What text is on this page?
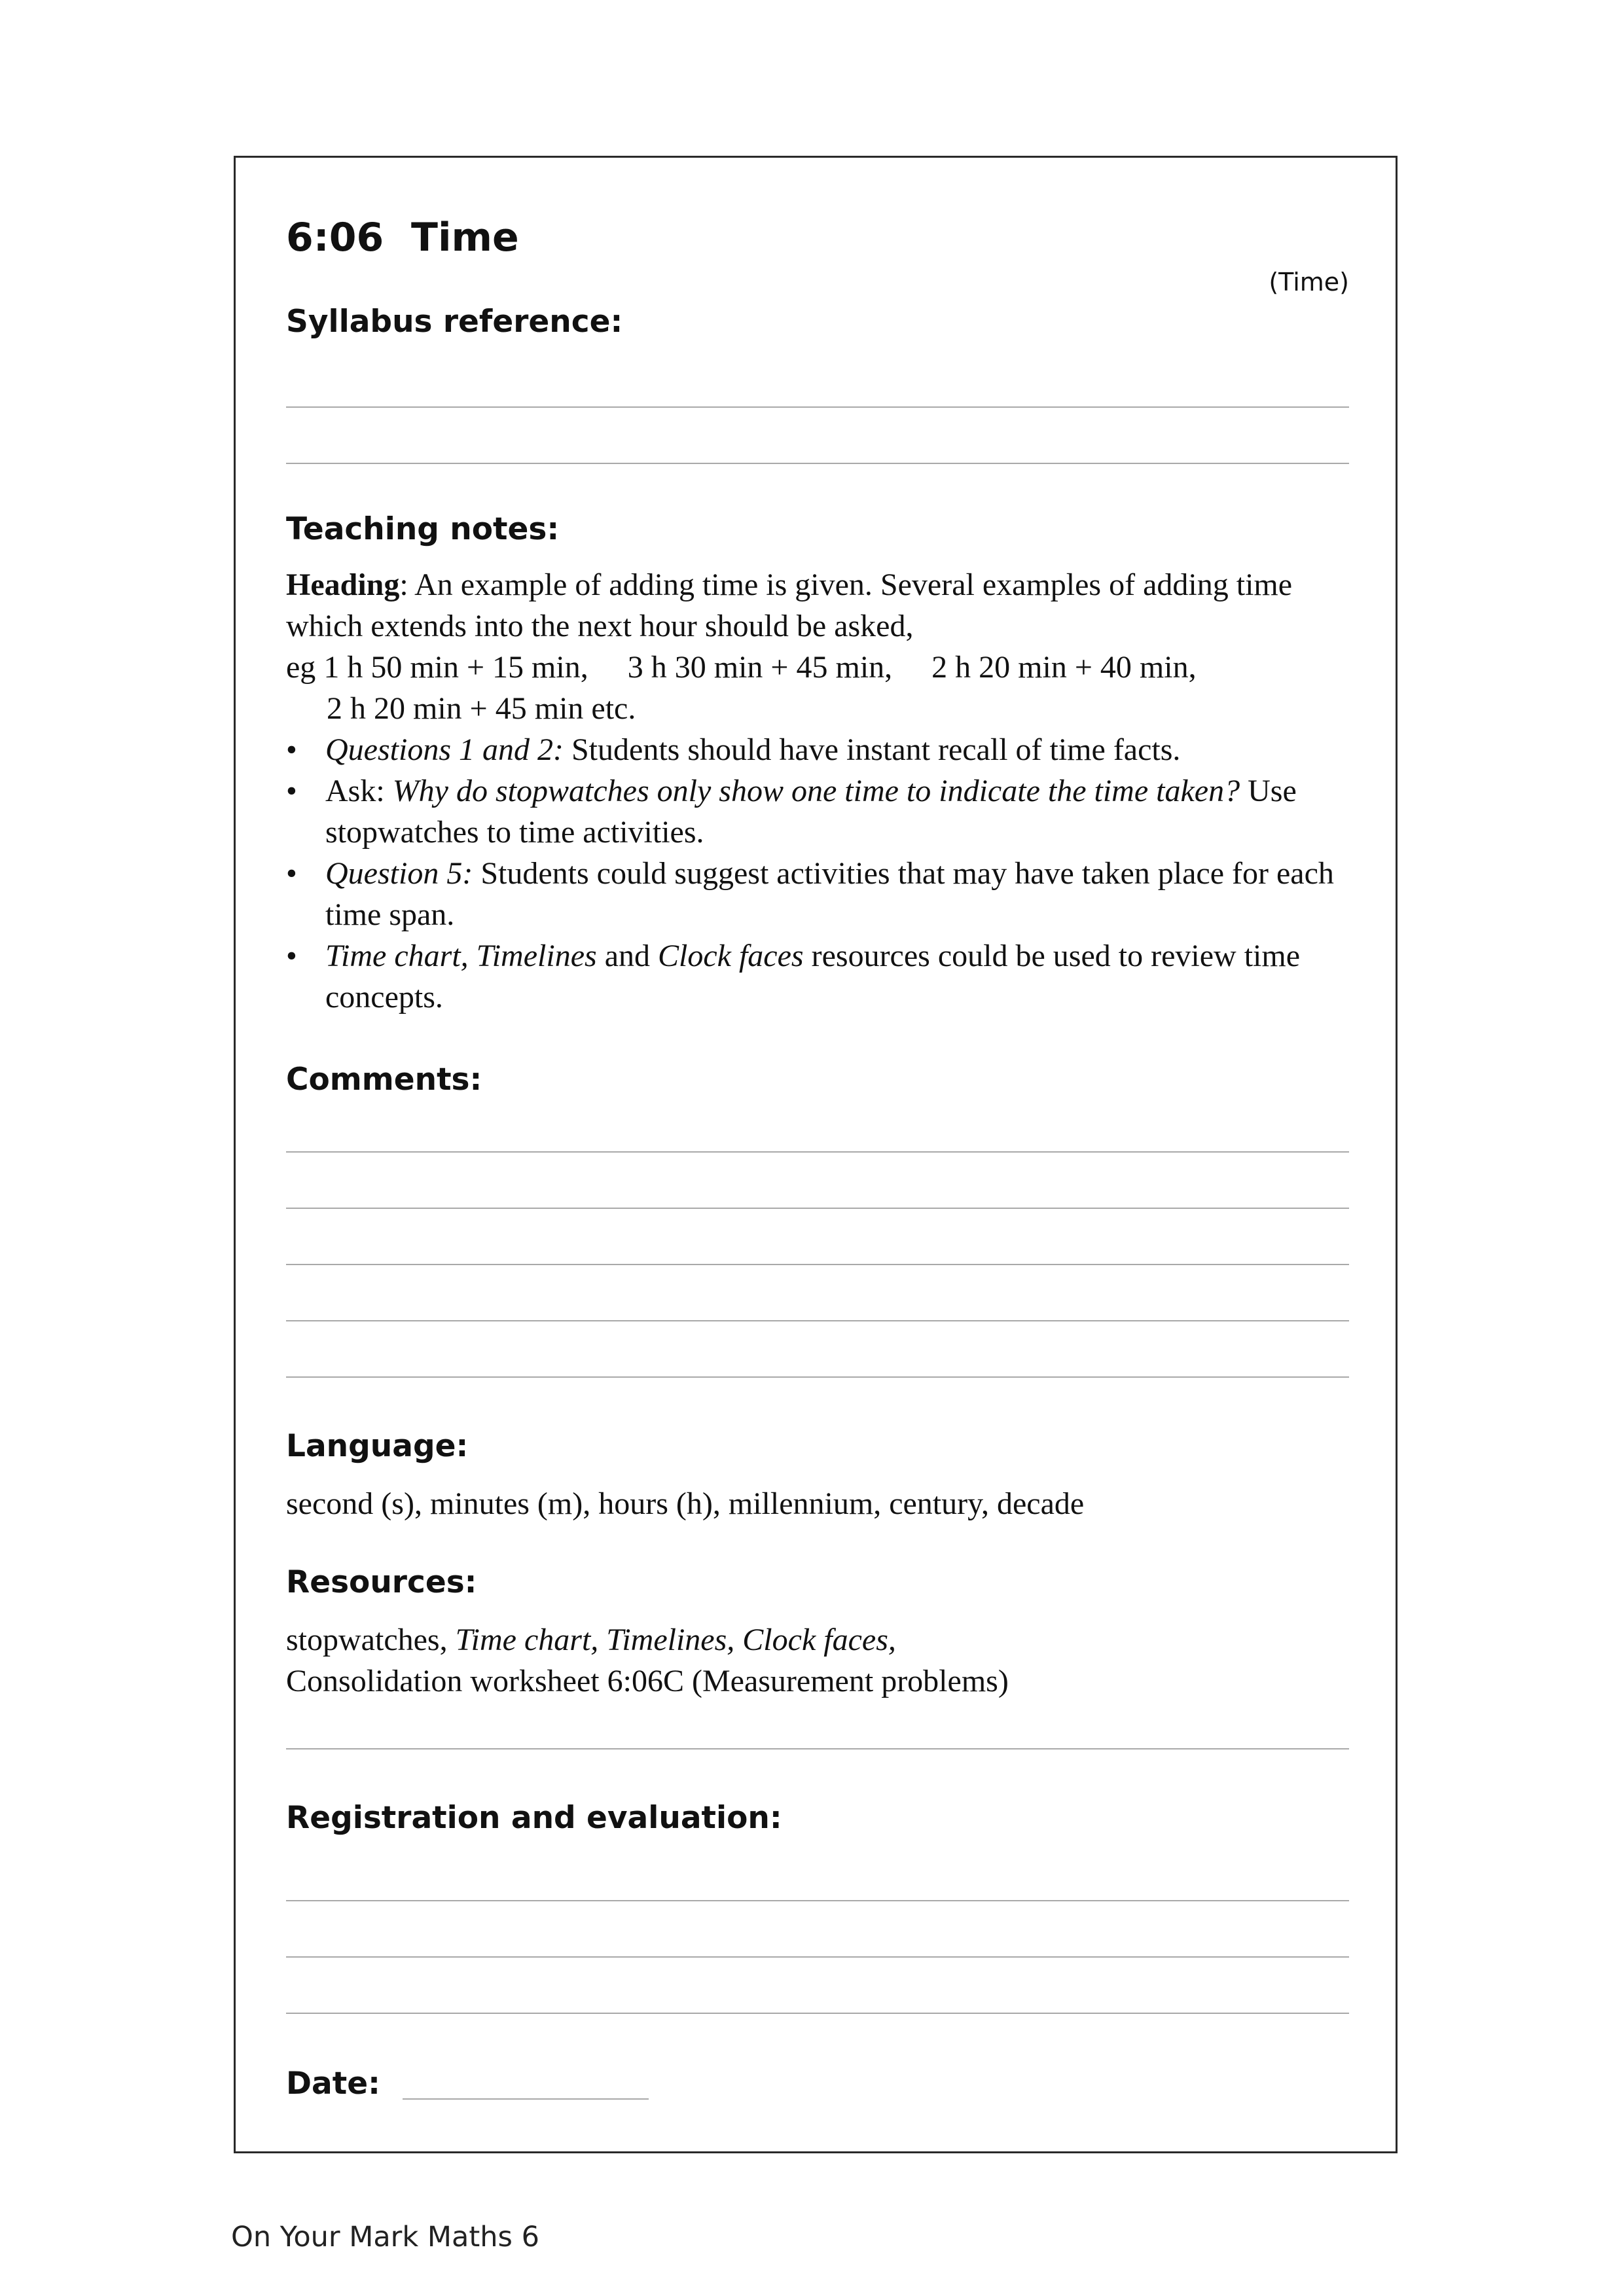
6:06  Time
(Time)
Syllabus reference:
Teaching notes:

Heading: An example of adding time is given. Several examples of adding time which extends into the next hour should be asked,

eg 1 h 50 min + 15 min, 3 h 30 min + 45 min, 2 h 20 min + 40 min,

2 h 20 min + 45 min etc.

• Questions 1 and 2: Students should have instant recall of time facts.
• Ask: Why do stopwatches only show one time to indicate the time taken? Use stopwatches to time activities.
• Question 5: Students could suggest activities that may have taken place for each time span.
• Time chart, Timelines and Clock faces resources could be used to review time concepts.
Comments:
Language:

second (s), minutes (m), hours (h), millennium, century, decade

Resources:

stopwatches, Time chart, Timelines, Clock faces,

Consolidation worksheet 6:06C (Measurement problems)

Registration and evaluation:
Date:
On Your Mark Maths 6
